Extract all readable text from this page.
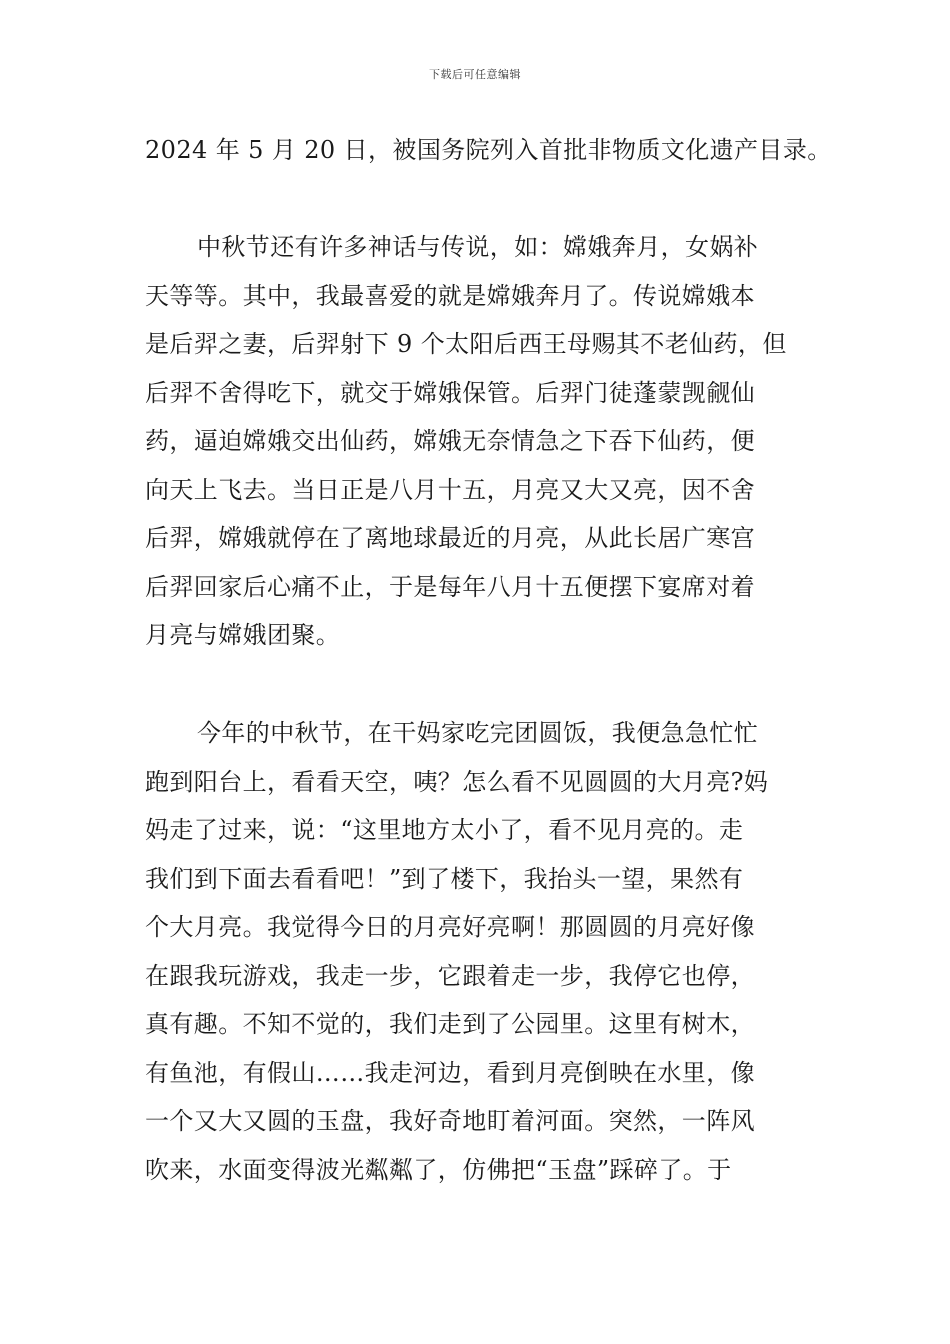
下载后可任意编辑
2024 年 5 月 20 日，被国务院列入首批非物质文化遗产目录。
中秋节还有许多神话与传说，如：嫦娥奔月，女娲补
天等等。其中，我最喜爱的就是嫦娥奔月了。传说嫦娥本
是后羿之妻，后羿射下 9 个太阳后西王母赐其不老仙药，但
后羿不舍得吃下，就交于嫦娥保管。后羿门徒蓬蒙觊觎仙
药，逼迫嫦娥交出仙药，嫦娥无奈情急之下吞下仙药，便
向天上飞去。当日正是八月十五，月亮又大又亮，因不舍
后羿，嫦娥就停在了离地球最近的月亮，从此长居广寒宫
后羿回家后心痛不止，于是每年八月十五便摆下宴席对着
月亮与嫦娥团聚。
今年的中秋节，在干妈家吃完团圆饭，我便急急忙忙
跑到阳台上，看看天空，咦？怎么看不见圆圆的大月亮?妈
妈走了过来，说：“这里地方太小了，看不见月亮的。走
我们到下面去看看吧！”到了楼下，我抬头一望，果然有
个大月亮。我觉得今日的月亮好亮啊！那圆圆的月亮好像
在跟我玩游戏，我走一步，它跟着走一步，我停它也停，
真有趣。不知不觉的，我们走到了公园里。这里有树木，
有鱼池，有假山……我走河边，看到月亮倒映在水里，像
一个又大又圆的玉盘，我好奇地盯着河面。突然，一阵风
吹来，水面变得波光粼粼了，仿佛把“玉盘”踩碎了。于
